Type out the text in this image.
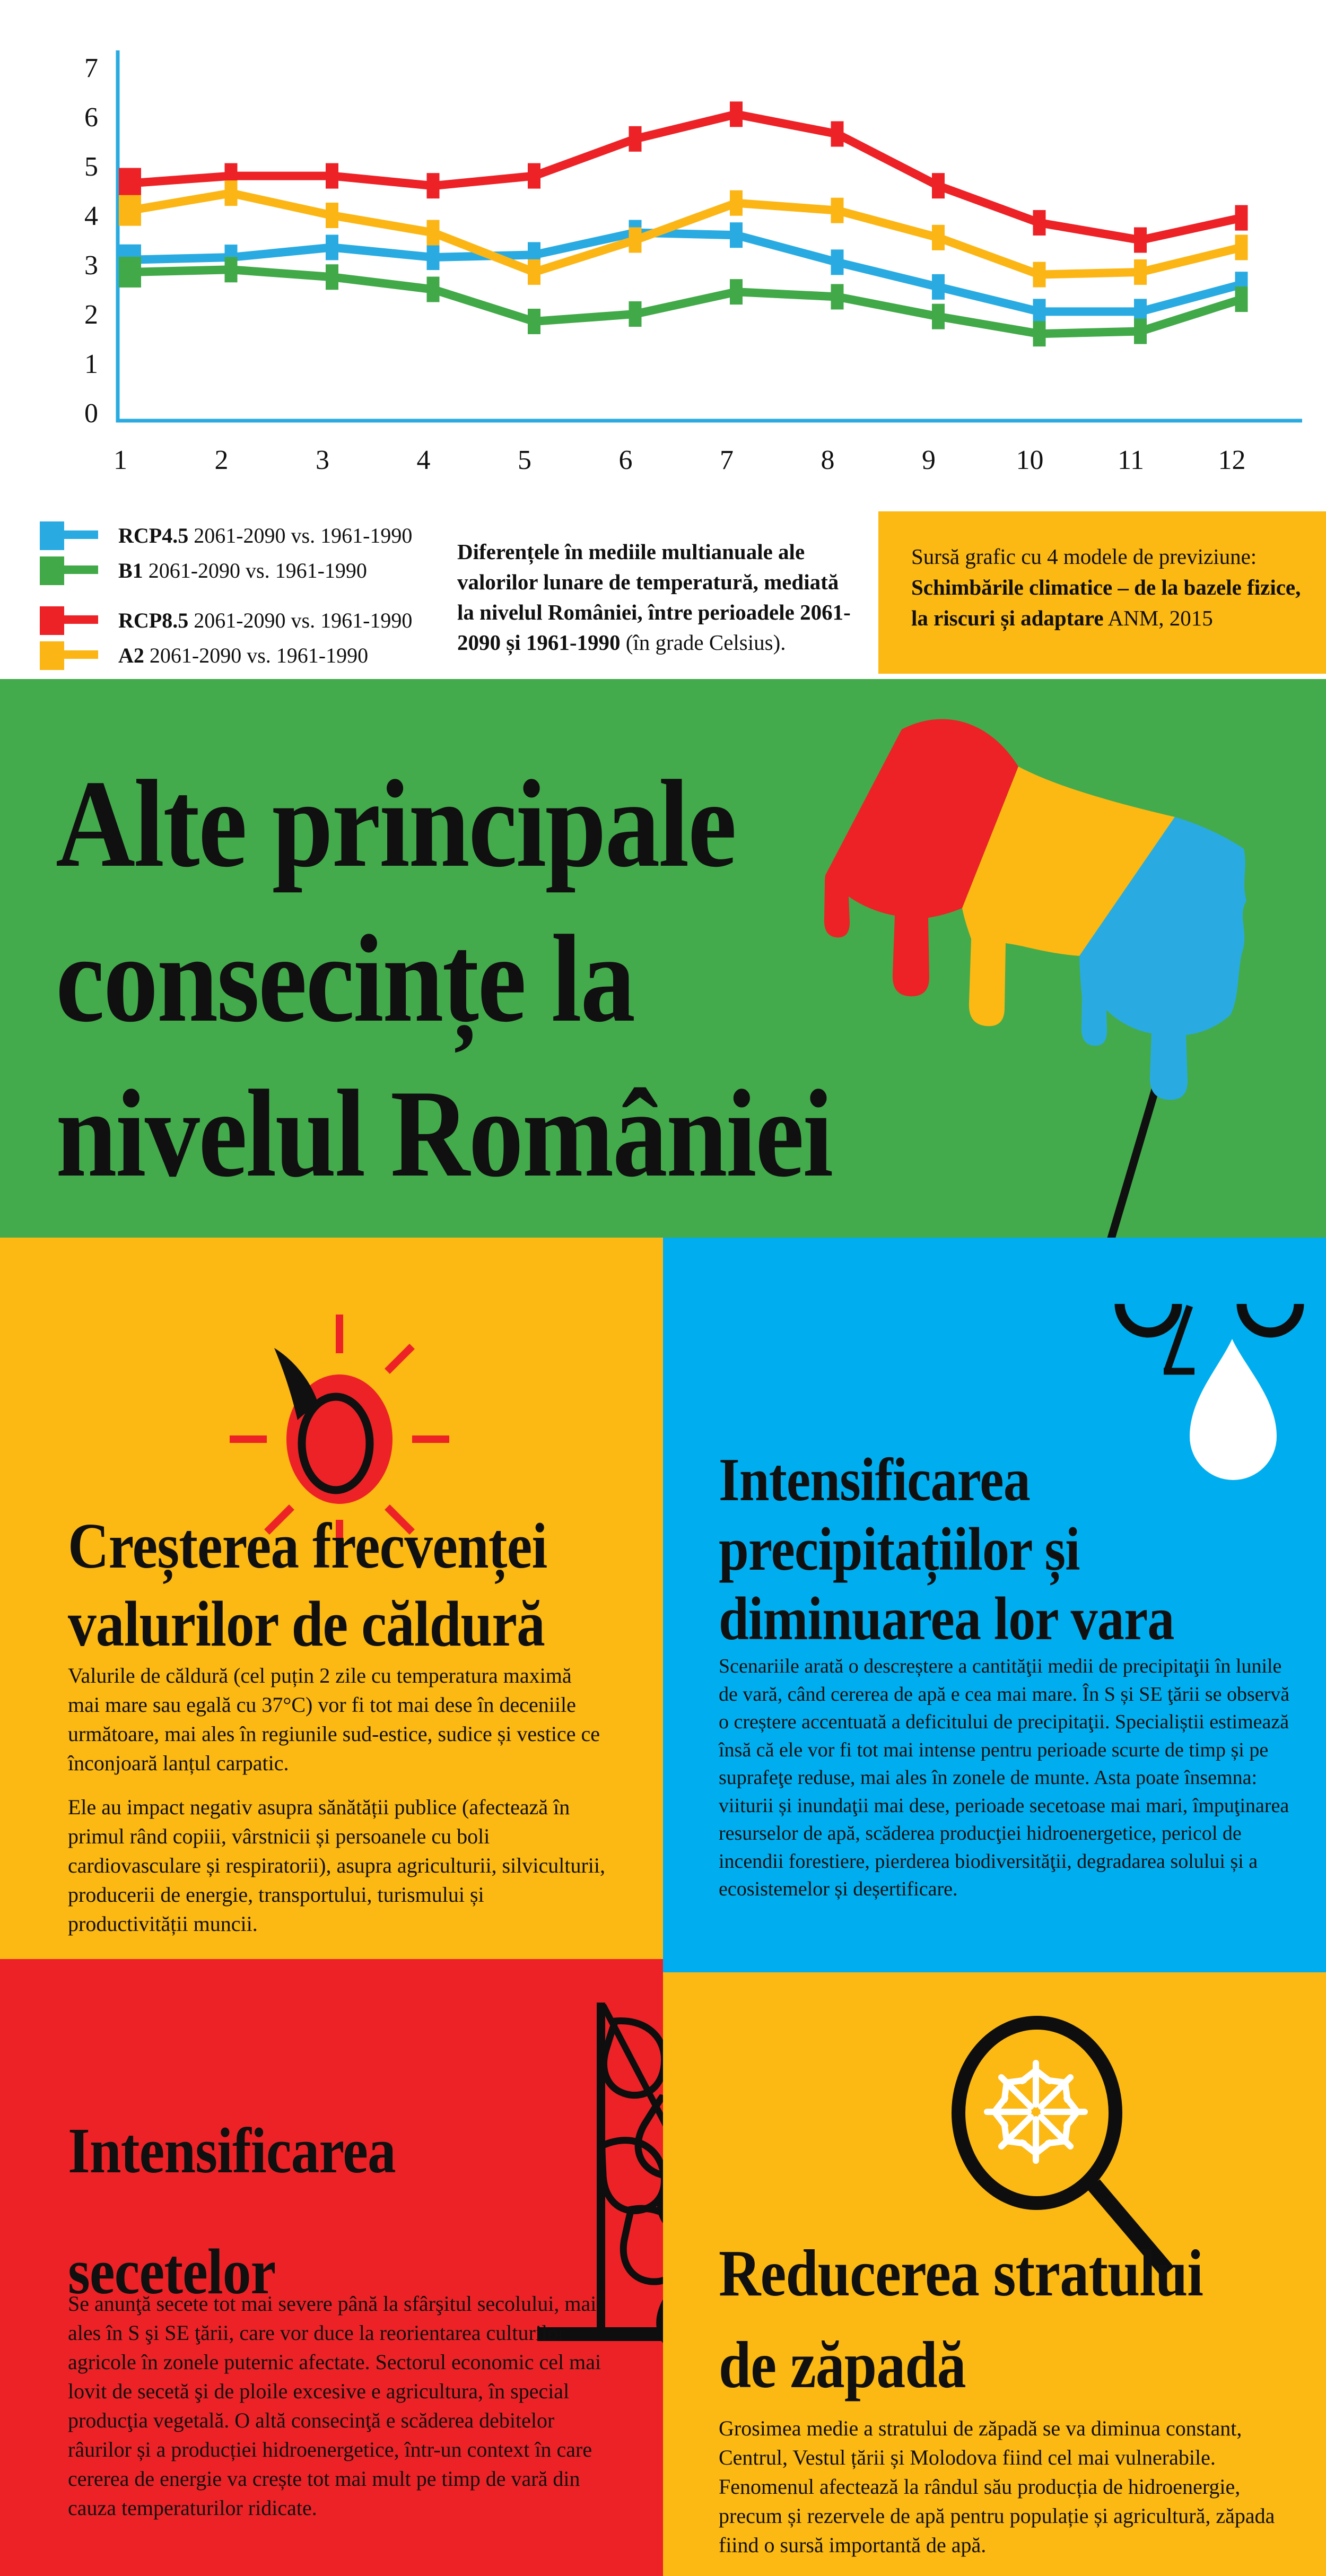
0
1
2
3
4
5
6
7
1	2	3	4	5	6	7	8	9	10	11	12
RCP4.5 2061-2090 vs. 1961-1990
B1 2061-2090 vs. 1961-1990
RCP8.5 2061-2090 vs. 1961-1990
A2 2061-2090 vs. 1961-1990
Diferențele în mediile multianuale ale valorilor lunare de temperatură, mediată la nivelul României, între perioadele 2061-2090 și 1961-1990 (în grade Celsius).
Sursă grafic cu 4 modele de previziune: Schimbările climatice – de la bazele fizice, la riscuri și adaptare ANM, 2015
Alte principale
consecințe la
nivelul României
Creșterea frecvenței
valurilor de căldură
Valurile de căldură (cel puțin 2 zile cu temperatura maximă mai mare sau egală cu 37°C) vor fi tot mai dese în deceniile următoare, mai ales în regiunile sud-estice, sudice și vestice ce înconjoară lanțul carpatic.
Ele au impact negativ asupra sănătății publice (afectează în primul rând copiii, vârstnicii și persoanele cu boli cardiovasculare și respiratorii), asupra agriculturii, silviculturii, producerii de energie, transportului, turismului și productivității muncii.
Intensificarea
precipitațiilor și
diminuarea lor vara
Scenariile arată o descreștere a cantităţii medii de precipitaţii în lunile de vară, când cererea de apă e cea mai mare. În S și SE ţării se observă o creștere accentuată a deficitului de precipitaţii. Specialiștii estimează însă că ele vor fi tot mai intense pentru perioade scurte de timp și pe suprafeţe reduse, mai ales în zonele de munte. Asta poate însemna: viiturii și inundaţii mai dese, perioade secetoase mai mari, împuţinarea resurselor de apă, scăderea producţiei hidroenergetice, pericol de incendii forestiere, pierderea biodiversităţii, degradarea solului și a ecosistemelor și deșertificare.
Intensificarea
secetelor
Se anunţă secete tot mai severe până la sfârşitul secolului, mai ales în S şi SE ţării, care vor duce la reorientarea culturilor agricole în zonele puternic afectate. Sectorul economic cel mai lovit de secetă şi de ploile excesive e agricultura, în special producţia vegetală. O altă consecinţă e scăderea debitelor râurilor și a producției hidroenergetice, într-un context în care cererea de energie va crește tot mai mult pe timp de vară din cauza temperaturilor ridicate.
Reducerea stratului
de zăpadă
Grosimea medie a stratului de zăpadă se va diminua constant, Centrul, Vestul țării și Molodova fiind cel mai vulnerabile. Fenomenul afectează la rândul său producția de hidroenergie, precum și rezervele de apă pentru populație și agricultură, zăpada fiind o sursă importantă de apă.
